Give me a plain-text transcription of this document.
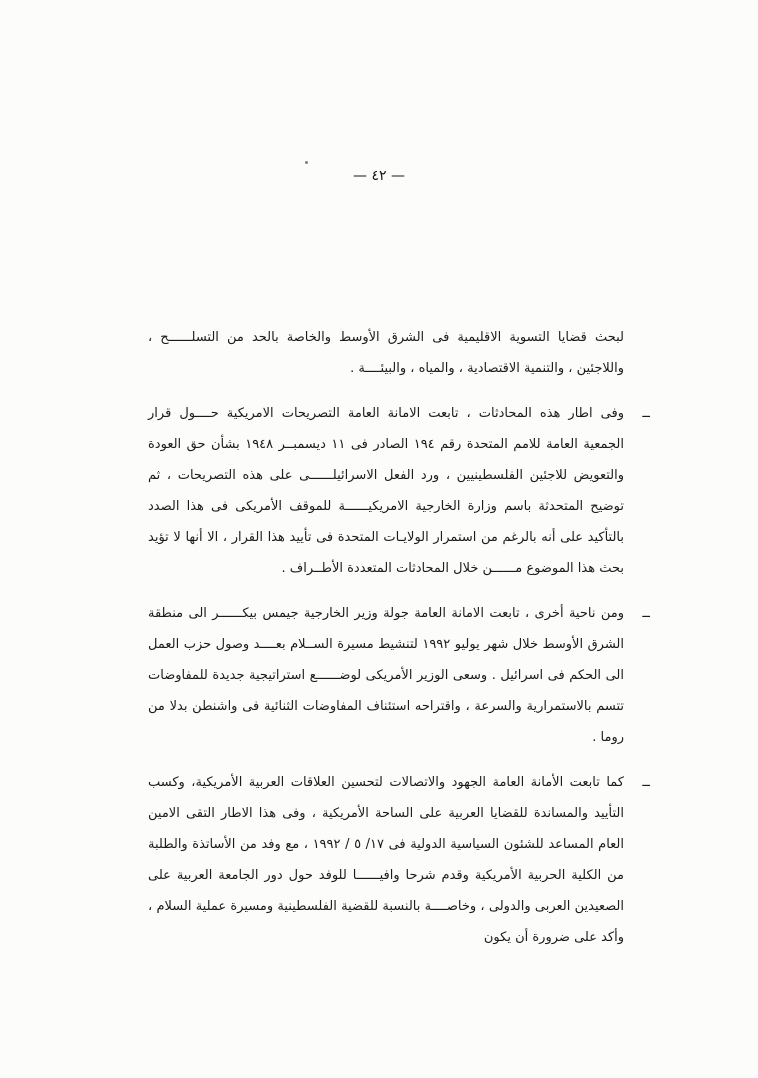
— ٤٢ —
لبحث قضايا التسوية الاقليمية فى الشرق الأوسط والخاصة بالحد من التسلــــــح ، واللاجئين ، والتنمية الاقتصادية ، والمياه ، والبيئــــة .
ــ
وفى اطار هذه المحادثات ، تابعت الامانة العامة التصريحات الامريكية حــــول قرار الجمعية العامة للامم المتحدة رقم ١٩٤ الصادر فى ١١ ديسمبــر ١٩٤٨ بشأن حق العودة والتعويض للاجئين الفلسطينيين ، ورد الفعل الاسرائيلــــــى على هذه التصريحات ، ثم توضيح المتحدثة باسم وزارة الخارجية الامريكيــــــة للموقف الأمريكى فى هذا الصدد بالتأكيد على أنه بالرغم من استمرار الولايـات المتحدة فى تأييد هذا القرار ، الا أنها لا تؤيد بحث هذا الموضوع مــــــن خلال المحادثات المتعددة الأطــراف .
ــ
ومن ناحية أخرى ، تابعت الامانة العامة جولة وزير الخارجية جيمس بيكــــــر الى منطقة الشرق الأوسط خلال شهر يوليو ١٩٩٢ لتنشيط مسيرة الســلام بعــــد وصول حزب العمل الى الحكم فى اسرائيل . وسعى الوزير الأمريكى لوضــــــع استراتيجية جديدة للمفاوضات تتسم بالاستمرارية والسرعة ، واقتراحه استئناف المفاوضات الثنائية فى واشنطن بدلا من روما .
ــ
كما تابعت الأمانة العامة الجهود والاتصالات لتحسين العلاقات العربية الأمريكية، وكسب التأييد والمساندة للقضايا العربية على الساحة الأمريكية ، وفى هذا الاطار التقى الامين العام المساعد للشئون السياسية الدولية فى ١٧/ ٥ / ١٩٩٢ ، مع وفد من الأساتذة والطلبة من الكلية الحربية الأمريكية وقدم شرحا وافيــــــا للوفد حول دور الجامعة العربية على الصعيدين العربى والدولى ، وخاصــــة بالنسبة للقضية الفلسطينية ومسيرة عملية السلام ، وأكد على ضرورة أن يكون
